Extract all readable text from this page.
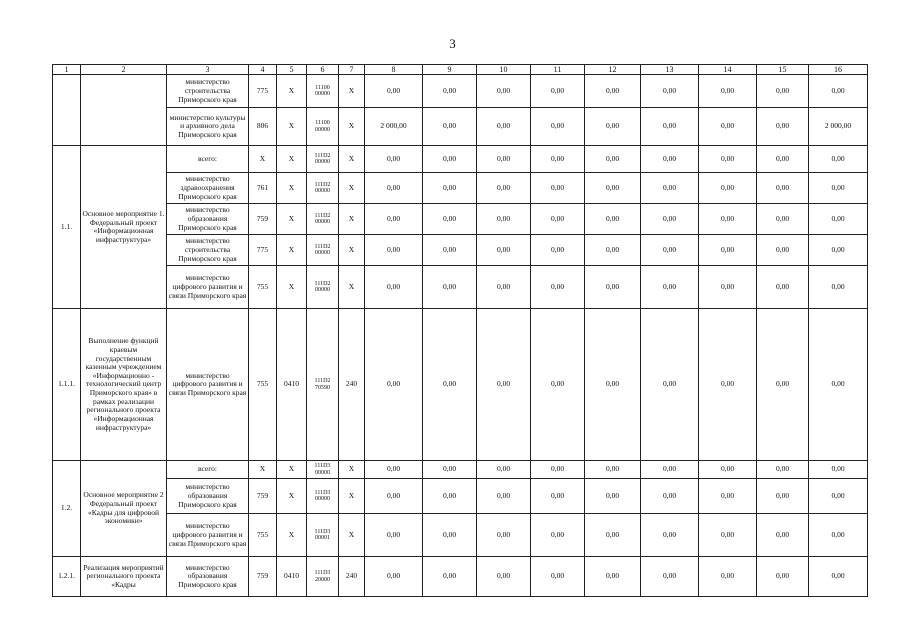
3
1	2	3	4	5	6	7	8	9	10	11	12	13	14	15	16
		министерство строительства Приморского края	775	X	11100 00000	X	0,00	0,00	0,00	0,00	0,00	0,00	0,00	0,00	0,00
		министерство культуры и архивного дела Приморского края	806	X	11100 00000	X	2 000,00	0,00	0,00	0,00	0,00	0,00	0,00	0,00	2 000,00
1.1.	Основное мероприятие 1. Федеральный проект «Информационная инфраструктура»	всего:	X	X	111D2 00000	X	0,00	0,00	0,00	0,00	0,00	0,00	0,00	0,00	0,00
		министерство здравоохранения Приморского края	761	X	111D2 00000	X	0,00	0,00	0,00	0,00	0,00	0,00	0,00	0,00	0,00
		министерство образования Приморского края	759	X	111D2 00000	X	0,00	0,00	0,00	0,00	0,00	0,00	0,00	0,00	0,00
		министерство строительства Приморского края	775	X	111D2 00000	X	0,00	0,00	0,00	0,00	0,00	0,00	0,00	0,00	0,00
		министерство цифрового развития и связи Приморского края	755	X	111D2 00000	X	0,00	0,00	0,00	0,00	0,00	0,00	0,00	0,00	0,00
1.1.1.	Выполнение функций краевым государственным казенным учреждением «Информационно - технологический центр Приморского края» в рамках реализации регионального проекта «Информационная инфраструктура»	министерство цифрового развития и связи Приморского края	755	0410	111D2 70590	240	0,00	0,00	0,00	0,00	0,00	0,00	0,00	0,00	0,00
1.2.	Основное мероприятие 2 Федеральный проект «Кадры для цифровой экономики»	всего:	X	X	111D3 00000	X	0,00	0,00	0,00	0,00	0,00	0,00	0,00	0,00	0,00
		министерство образования Приморского края	759	X	111D3 00000	X	0,00	0,00	0,00	0,00	0,00	0,00	0,00	0,00	0,00
		министерство цифрового развития и связи Приморского края	755	X	111D3 00001	X	0,00	0,00	0,00	0,00	0,00	0,00	0,00	0,00	0,00
1.2.1.	Реализация мероприятий регионального проекта «Кадры	министерство образования Приморского края	759	0410	111D3 20000	240	0,00	0,00	0,00	0,00	0,00	0,00	0,00	0,00	0,00
